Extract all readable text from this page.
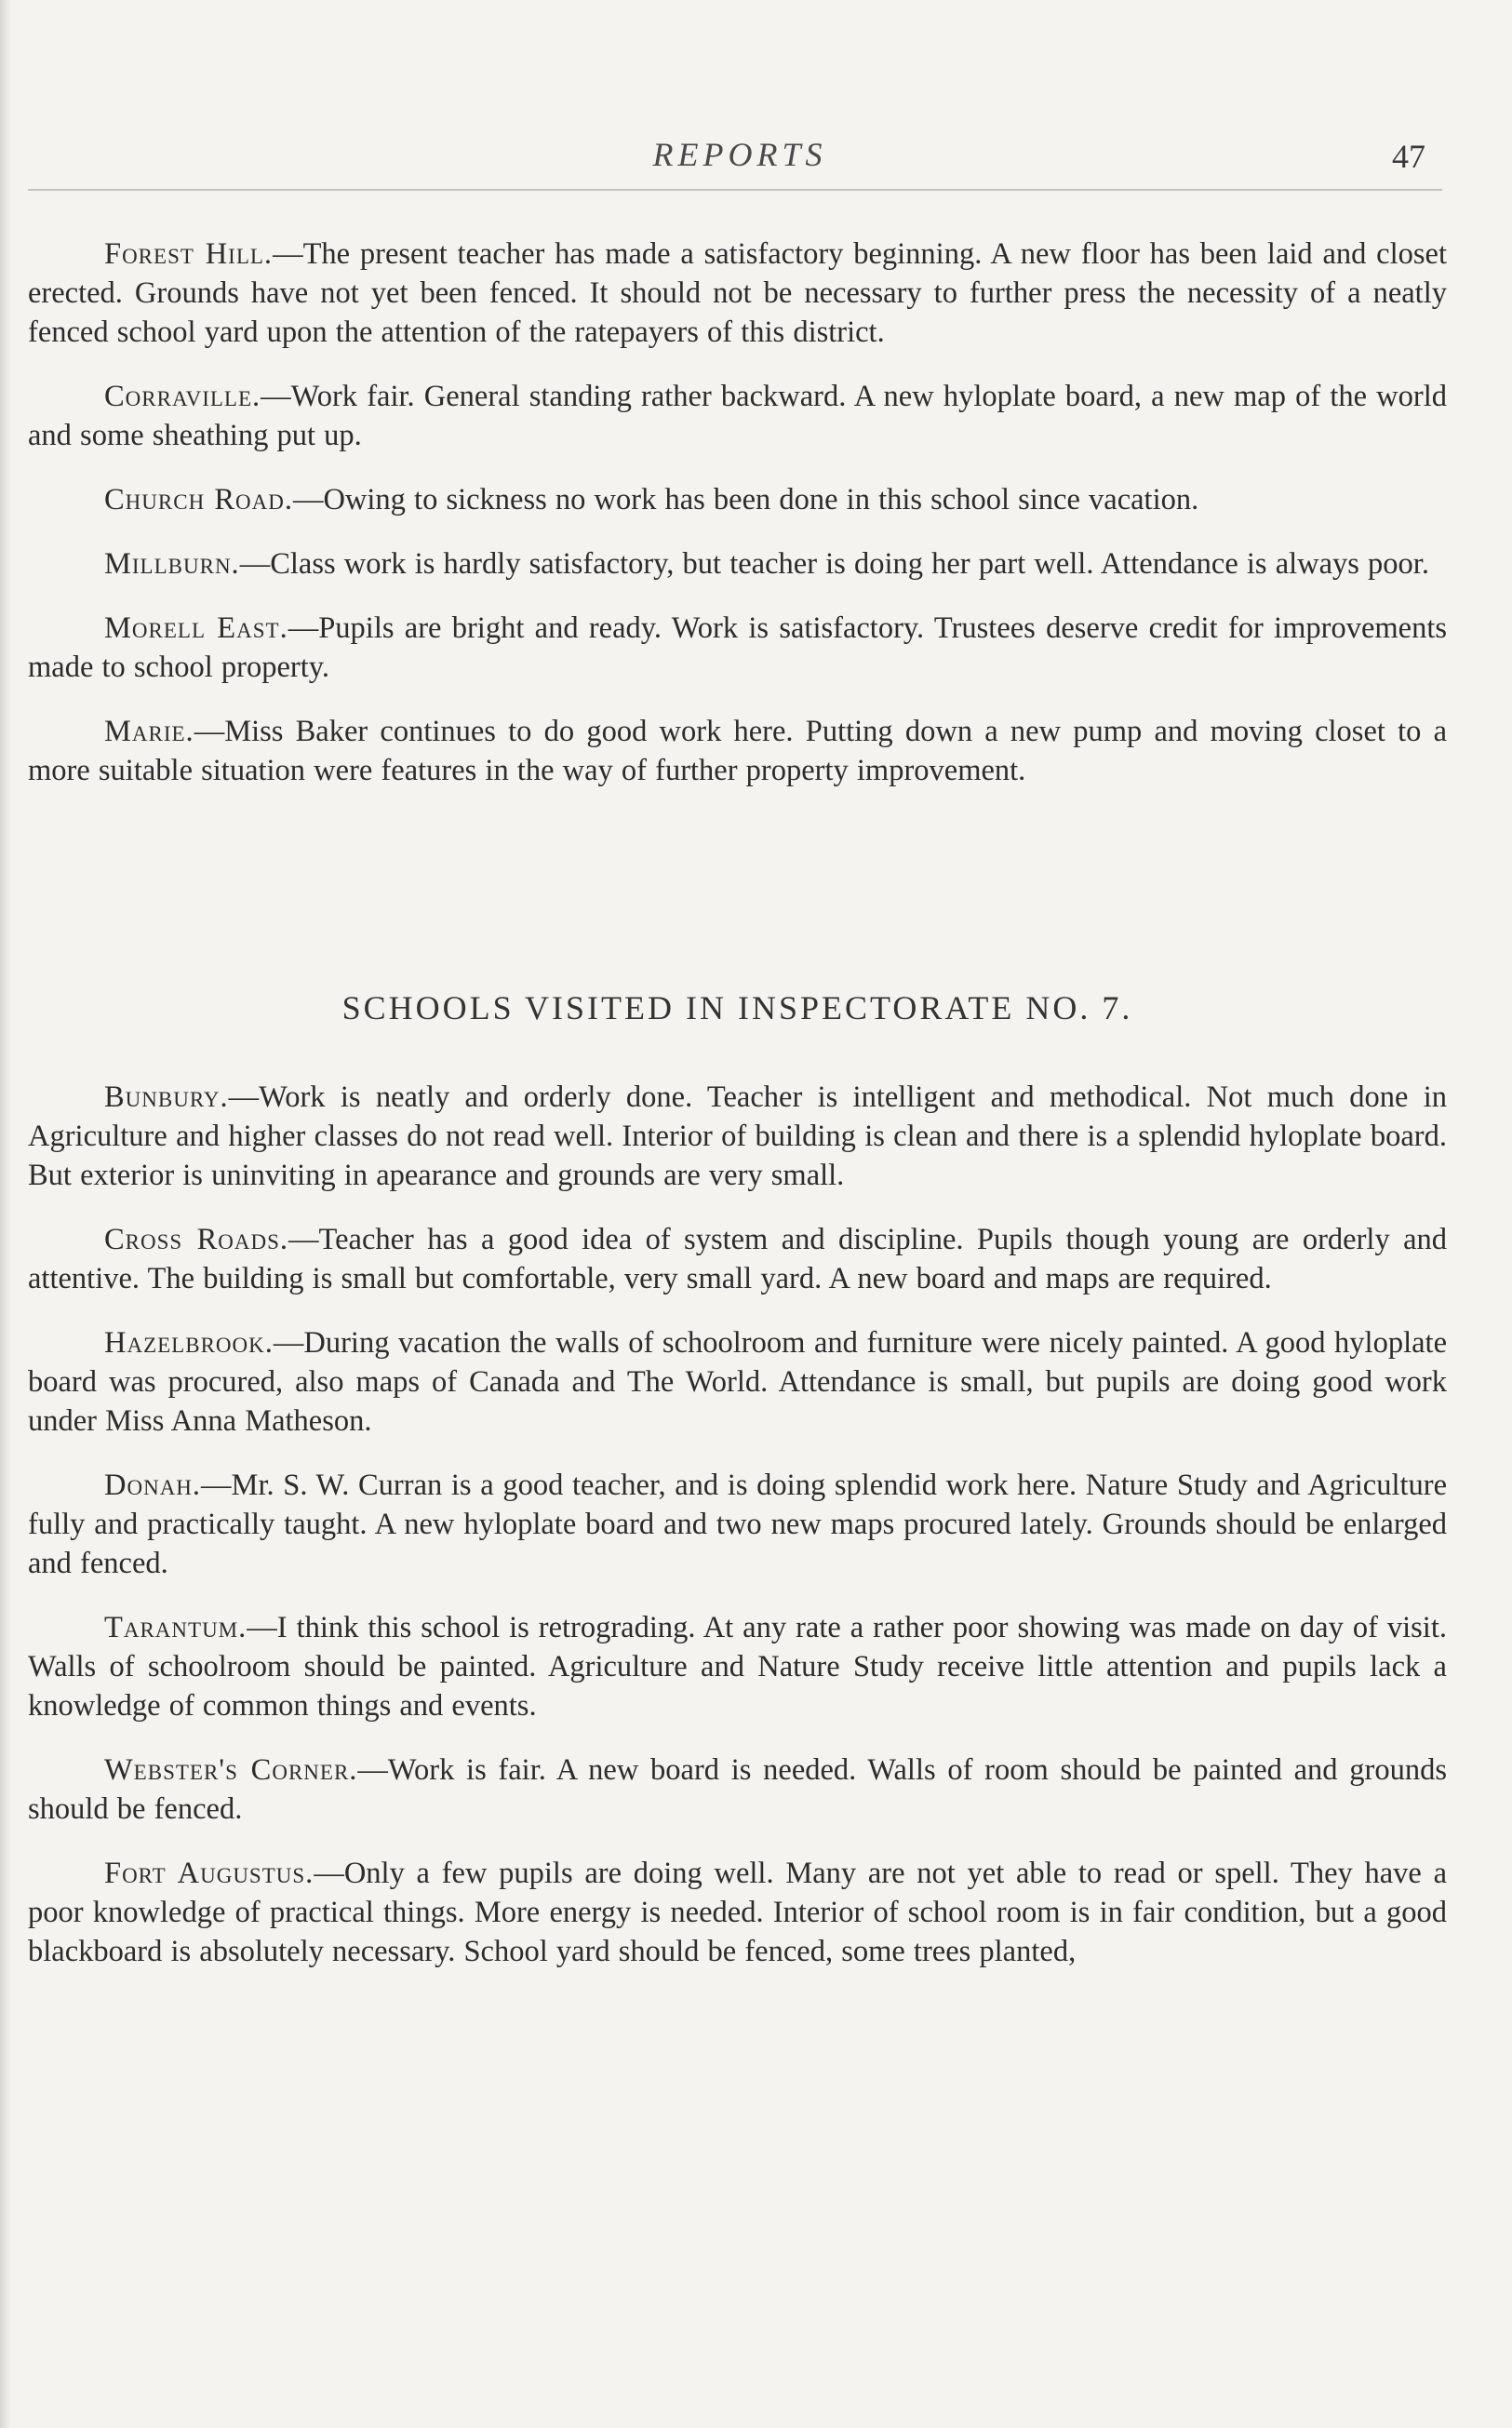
REPORTS	47

Forest Hill.—The present teacher has made a satisfactory beginning. A new floor has been laid and closet erected. Grounds have not yet been fenced. It should not be necessary to further press the necessity of a neatly fenced school yard upon the attention of the ratepayers of this district.

Corraville.—Work fair. General standing rather backward. A new hyloplate board, a new map of the world and some sheathing put up.

Church Road.—Owing to sickness no work has been done in this school since vacation.

Millburn.—Class work is hardly satisfactory, but teacher is doing her part well. Attendance is always poor.

Morell East.—Pupils are bright and ready. Work is satisfactory. Trustees deserve credit for improvements made to school property.

Marie.—Miss Baker continues to do good work here. Putting down a new pump and moving closet to a more suitable situation were features in the way of further property improvement.

SCHOOLS VISITED IN INSPECTORATE NO. 7.

Bunbury.—Work is neatly and orderly done. Teacher is intelligent and methodical. Not much done in Agriculture and higher classes do not read well. Interior of building is clean and there is a splendid hyloplate board. But exterior is uninviting in apearance and grounds are very small.

Cross Roads.—Teacher has a good idea of system and discipline. Pupils though young are orderly and attentive. The building is small but comfortable, very small yard. A new board and maps are required.

Hazelbrook.—During vacation the walls of schoolroom and furniture were nicely painted. A good hyloplate board was procured, also maps of Canada and The World. Attendance is small, but pupils are doing good work under Miss Anna Matheson.

Donah.—Mr. S. W. Curran is a good teacher, and is doing splendid work here. Nature Study and Agriculture fully and practically taught. A new hyloplate board and two new maps procured lately. Grounds should be enlarged and fenced.

Tarantum.—I think this school is retrograding. At any rate a rather poor showing was made on day of visit. Walls of schoolroom should be painted. Agriculture and Nature Study receive little attention and pupils lack a knowledge of common things and events.

Webster's Corner.—Work is fair. A new board is needed. Walls of room should be painted and grounds should be fenced.

Fort Augustus.—Only a few pupils are doing well. Many are not yet able to read or spell. They have a poor knowledge of practical things. More energy is needed. Interior of school room is in fair condition, but a good blackboard is absolutely necessary. School yard should be fenced, some trees planted,
